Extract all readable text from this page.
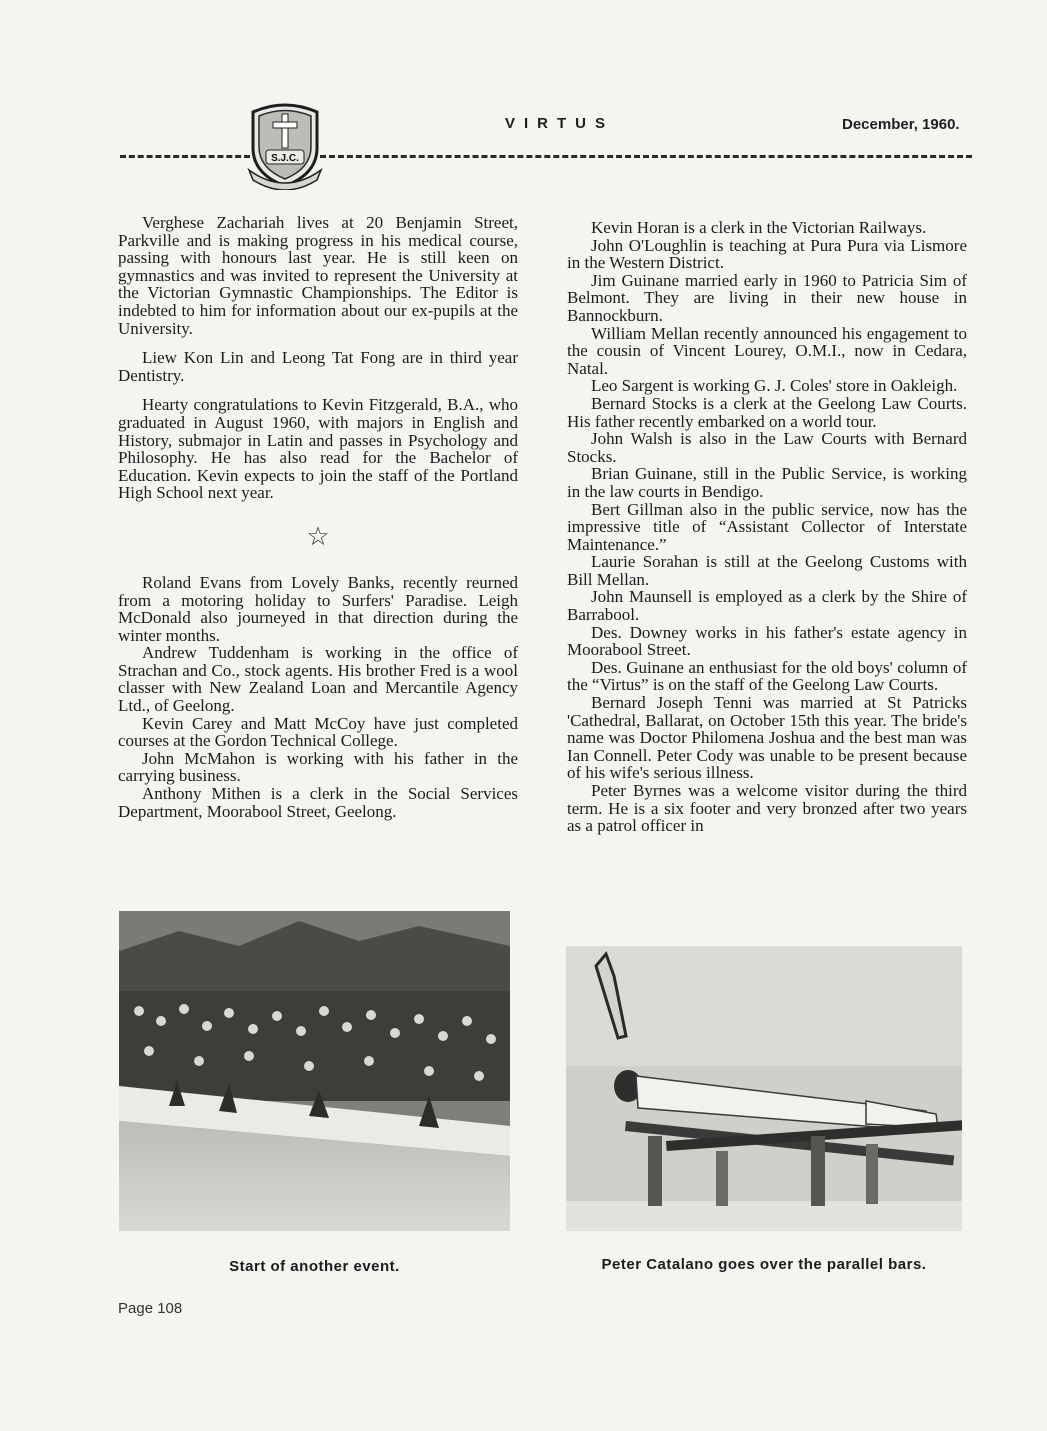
S.J.C.
VIRTUS	December, 1960.

Verghese Zachariah lives at 20 Benjamin Street, Parkville and is making progress in his medical course, passing with honours last year. He is still keen on gymnastics and was invited to represent the University at the Victorian Gymnastic Championships. The Editor is indebted to him for information about our ex-pupils at the University.

Liew Kon Lin and Leong Tat Fong are in third year Dentistry.

Hearty congratulations to Kevin Fitzgerald, B.A., who graduated in August 1960, with majors in English and History, submajor in Latin and passes in Psychology and Philosophy. He has also read for the Bachelor of Education. Kevin expects to join the staff of the Portland High School next year.

☆

Roland Evans from Lovely Banks, recently reurned from a motoring holiday to Surfers' Paradise. Leigh McDonald also journeyed in that direction during the winter months.

Andrew Tuddenham is working in the office of Strachan and Co., stock agents. His brother Fred is a wool classer with New Zealand Loan and Mercantile Agency Ltd., of Geelong.

Kevin Carey and Matt McCoy have just completed courses at the Gordon Technical College.

John McMahon is working with his father in the carrying business.

Anthony Mithen is a clerk in the Social Services Department, Moorabool Street, Geelong.

Kevin Horan is a clerk in the Victorian Railways.

John O'Loughlin is teaching at Pura Pura via Lismore in the Western District.

Jim Guinane married early in 1960 to Patricia Sim of Belmont. They are living in their new house in Bannockburn.

William Mellan recently announced his engagement to the cousin of Vincent Lourey, O.M.I., now in Cedara, Natal.

Leo Sargent is working G. J. Coles' store in Oakleigh.

Bernard Stocks is a clerk at the Geelong Law Courts. His father recently embarked on a world tour.

John Walsh is also in the Law Courts with Bernard Stocks.

Brian Guinane, still in the Public Service, is working in the law courts in Bendigo.

Bert Gillman also in the public service, now has the impressive title of “Assistant Collector of Interstate Maintenance.”

Laurie Sorahan is still at the Geelong Customs with Bill Mellan.

John Maunsell is employed as a clerk by the Shire of Barrabool.

Des. Downey works in his father's estate agency in Moorabool Street.

Des. Guinane an enthusiast for the old boys' column of the “Virtus” is on the staff of the Geelong Law Courts.

Bernard Joseph Tenni was married at St Patricks 'Cathedral, Ballarat, on October 15th this year. The bride's name was Doctor Philomena Joshua and the best man was Ian Connell. Peter Cody was unable to be present because of his wife's serious illness.

Peter Byrnes was a welcome visitor during the third term. He is a six footer and very bronzed after two years as a patrol officer in

Start of another event.	Peter Catalano goes over the parallel bars.
Page 108
